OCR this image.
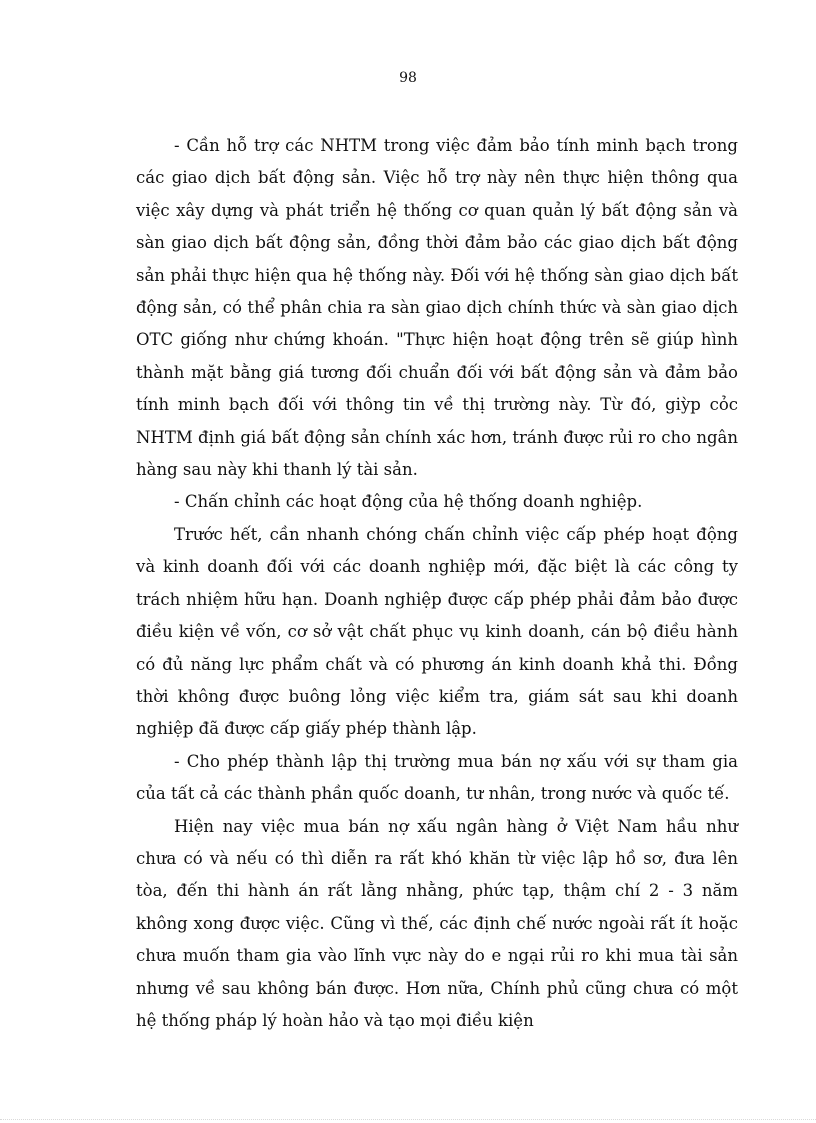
98

- Cần hỗ trợ các NHTM trong việc đảm bảo tính minh bạch trong các giao dịch bất động sản. Việc hỗ trợ này nên thực hiện thông qua việc xây dựng và phát triển hệ thống cơ quan quản lý bất động sản và sàn giao dịch bất động sản, đồng thời đảm bảo các giao dịch bất động sản phải thực hiện qua hệ thống này. Đối với hệ thống sàn giao dịch bất động sản, có thể phân chia ra sàn giao dịch chính thức và sàn giao dịch OTC giống như chứng khoán. "Thực hiện hoạt động trên sẽ giúp hình thành mặt bằng giá tương đối chuẩn đối với bất động sản và đảm bảo tính minh bạch đối với thông tin về thị trường này. Từ đó, giỳp cỏc NHTM định giá bất động sản chính xác hơn, tránh được rủi ro cho ngân hàng sau này khi thanh lý tài sản.

- Chấn chỉnh các hoạt động của hệ thống doanh nghiệp.

Trước hết, cần nhanh chóng chấn chỉnh việc cấp phép hoạt động và kinh doanh đối với các doanh nghiệp mới, đặc biệt là các công ty trách nhiệm hữu hạn. Doanh nghiệp được cấp phép phải đảm bảo được điều kiện về vốn, cơ sở vật chất phục vụ kinh doanh, cán bộ điều hành có đủ năng lực phẩm chất và có phương án kinh doanh khả thi. Đồng thời không được buông lỏng việc kiểm tra, giám sát sau khi doanh nghiệp đã được cấp giấy phép thành lập.

- Cho phép thành lập thị trường mua bán nợ xấu với sự tham gia của tất cả các thành phần quốc doanh, tư nhân, trong nước và quốc tế.

Hiện nay việc mua bán nợ xấu ngân hàng ở Việt Nam hầu như chưa có và nếu có thì diễn ra rất khó khăn từ việc lập hồ sơ, đưa lên tòa, đến thi hành án rất lằng nhằng, phức tạp, thậm chí 2 - 3 năm không xong được việc. Cũng vì thế, các định chế nước ngoài rất ít hoặc chưa muốn tham gia vào lĩnh vực này do e ngại rủi ro khi mua tài sản nhưng về sau không bán được. Hơn nữa, Chính phủ cũng chưa có một hệ thống pháp lý hoàn hảo và tạo mọi điều kiện
